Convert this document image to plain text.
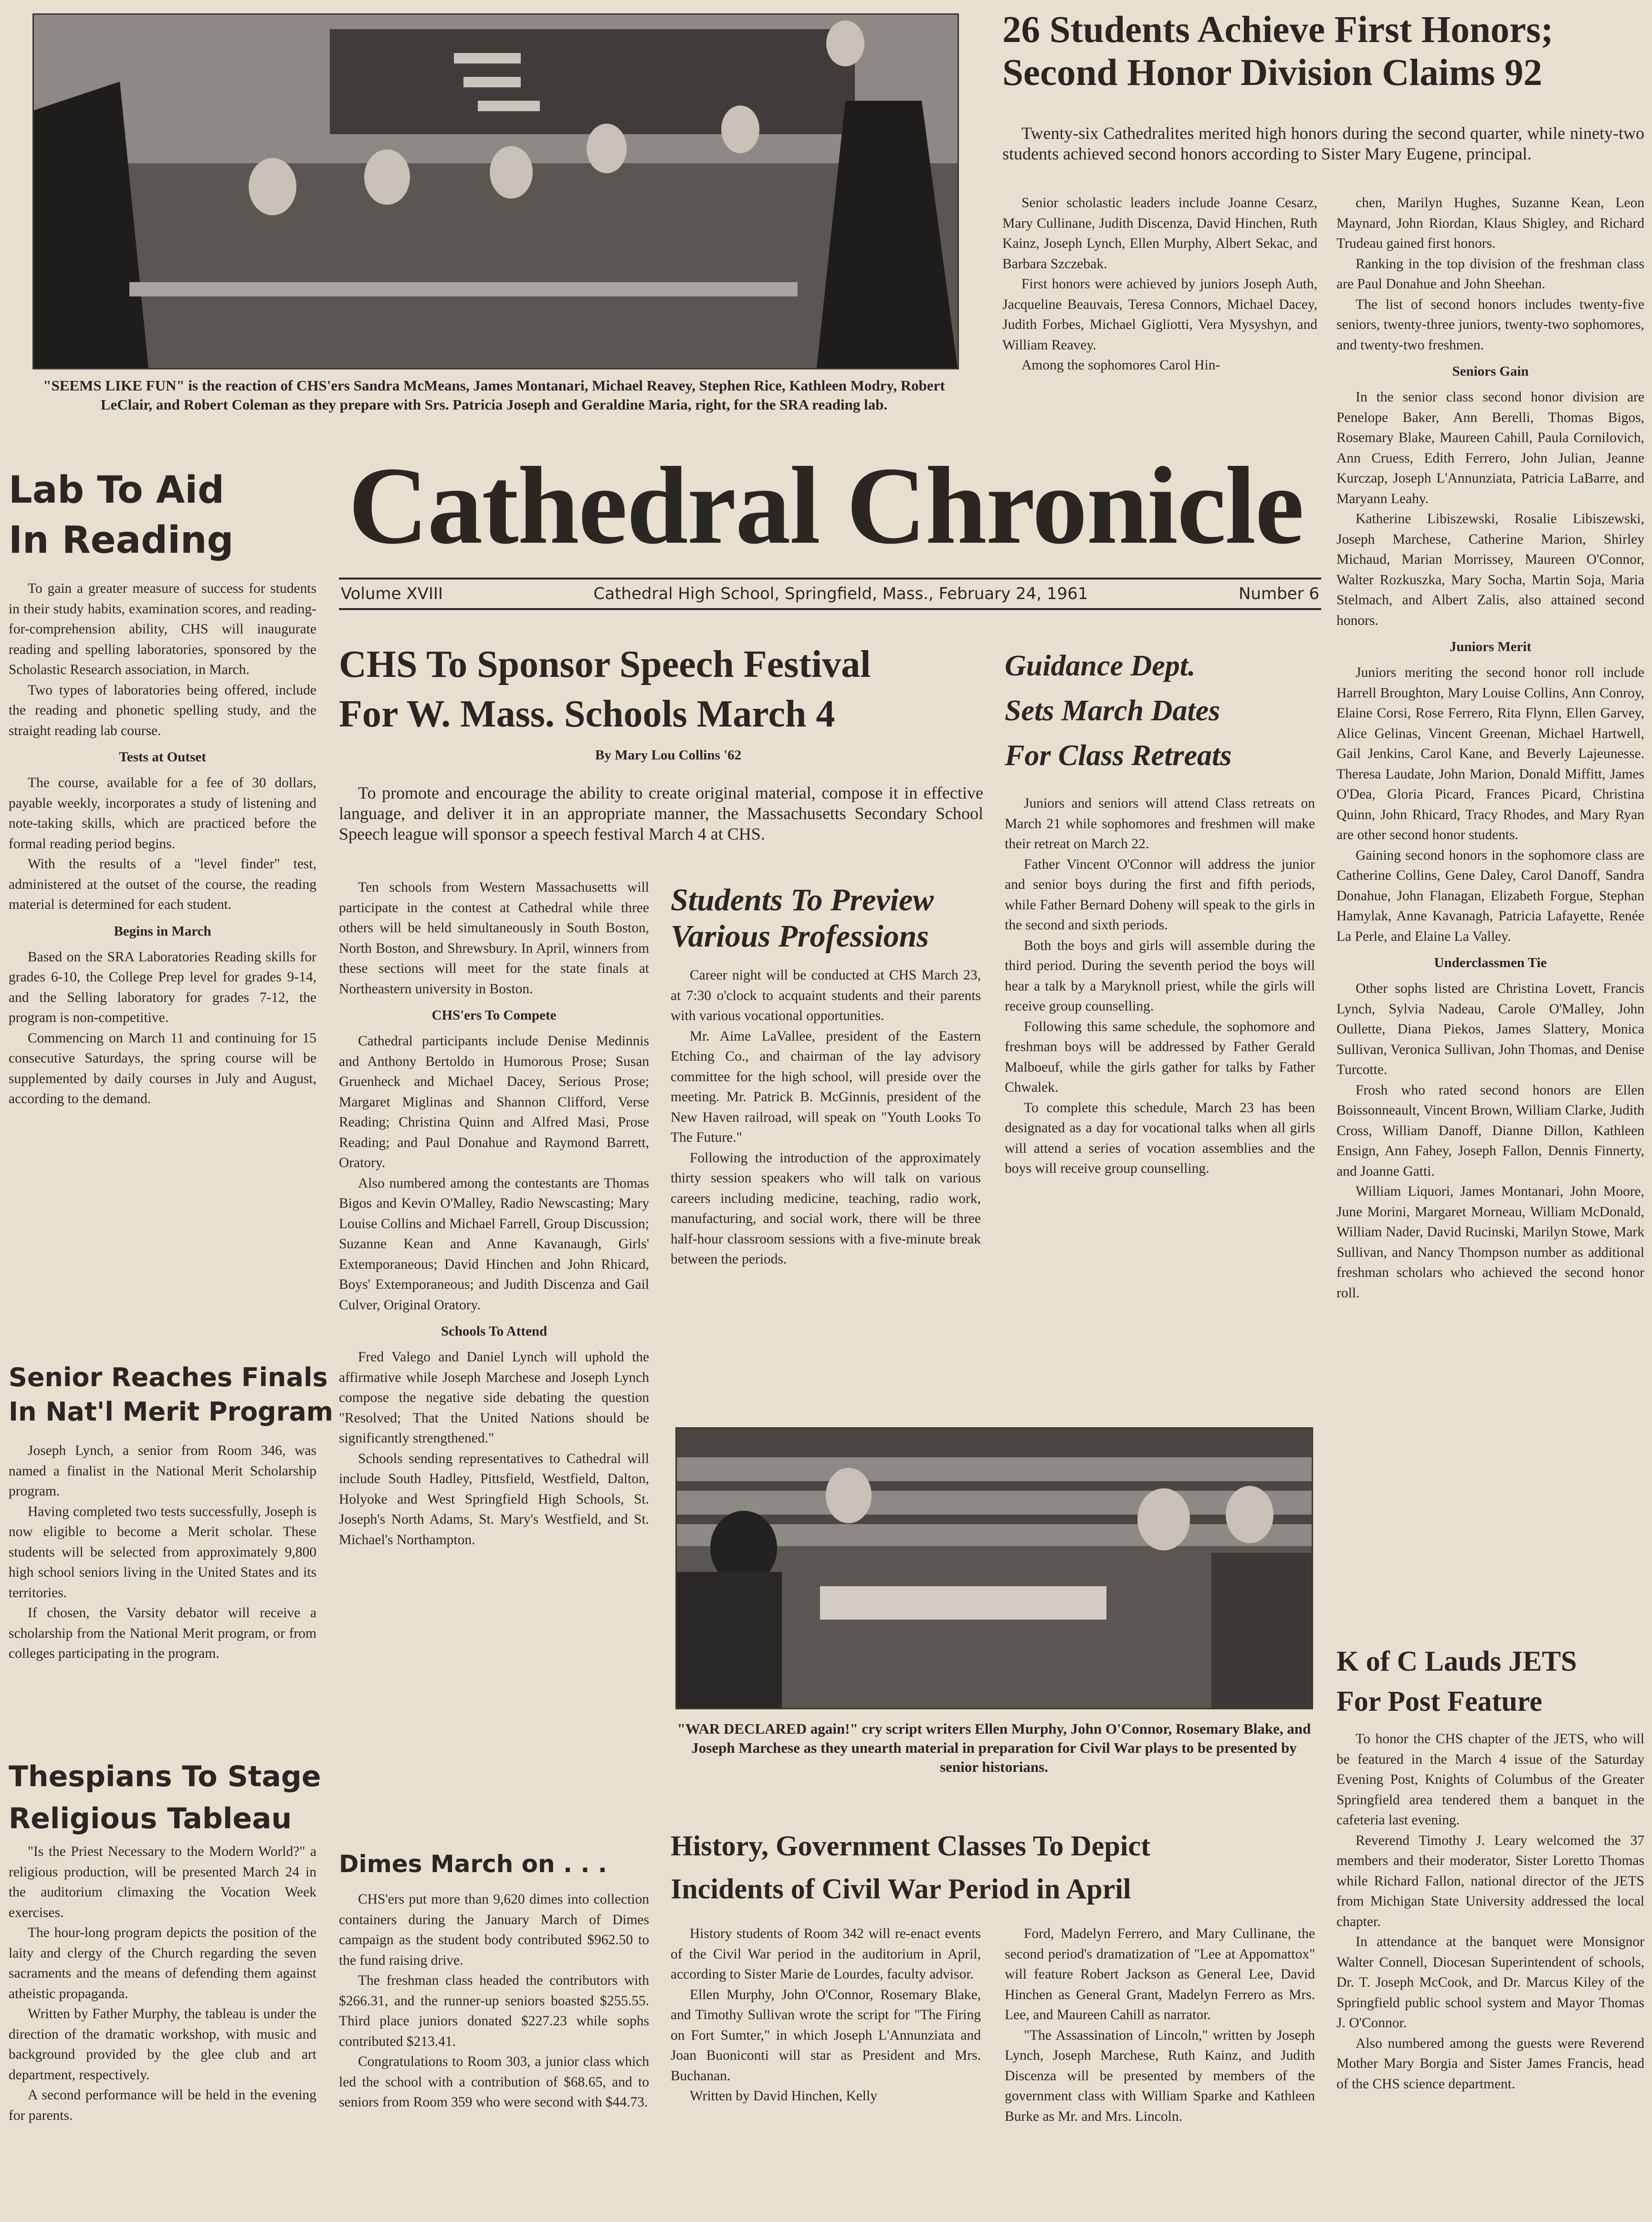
"SEEMS LIKE FUN" is the reaction of CHS'ers Sandra McMeans, James Montanari, Michael Reavey, Stephen Rice, Kathleen Modry, Robert LeClair, and Robert Coleman as they prepare with Srs. Patricia Joseph and Geraldine Maria, right, for the SRA reading lab.

26 Students Achieve First Honors;
Second Honor Division Claims 92

Twenty-six Cathedralites merited high honors during the second quarter, while ninety-two students achieved second honors according to Sister Mary Eugene, principal.

Senior scholastic leaders include Joanne Cesarz, Mary Cullinane, Judith Discenza, David Hinchen, Ruth Kainz, Joseph Lynch, Ellen Murphy, Albert Sekac, and Barbara Szczebak.

First honors were achieved by juniors Joseph Auth, Jacqueline Beauvais, Teresa Connors, Michael Dacey, Judith Forbes, Michael Gigliotti, Vera Mysyshyn, and William Reavey.

Among the sophomores Carol Hin-

chen, Marilyn Hughes, Suzanne Kean, Leon Maynard, John Riordan, Klaus Shigley, and Richard Trudeau gained first honors.

Ranking in the top division of the freshman class are Paul Donahue and John Sheehan.

The list of second honors includes twenty-five seniors, twenty-three juniors, twenty-two sophomores, and twenty-two freshmen.

Seniors Gain

In the senior class second honor division are Penelope Baker, Ann Berelli, Thomas Bigos, Rosemary Blake, Maureen Cahill, Paula Cornilovich, Ann Cruess, Edith Ferrero, John Julian, Jeanne Kurczap, Joseph L'Annunziata, Patricia LaBarre, and Maryann Leahy.

Katherine Libiszewski, Rosalie Libiszewski, Joseph Marchese, Catherine Marion, Shirley Michaud, Marian Morrissey, Maureen O'Connor, Walter Rozkuszka, Mary Socha, Martin Soja, Maria Stelmach, and Albert Zalis, also attained second honors.

Juniors Merit

Juniors meriting the second honor roll include Harrell Broughton, Mary Louise Collins, Ann Conroy, Elaine Corsi, Rose Ferrero, Rita Flynn, Ellen Garvey, Alice Gelinas, Vincent Greenan, Michael Hartwell, Gail Jenkins, Carol Kane, and Beverly Lajeunesse. Theresa Laudate, John Marion, Donald Miffitt, James O'Dea, Gloria Picard, Frances Picard, Christina Quinn, John Rhicard, Tracy Rhodes, and Mary Ryan are other second honor students.

Gaining second honors in the sophomore class are Catherine Collins, Gene Daley, Carol Danoff, Sandra Donahue, John Flanagan, Elizabeth Forgue, Stephan Hamylak, Anne Kavanagh, Patricia Lafayette, Renée La Perle, and Elaine La Valley.

Underclassmen Tie

Other sophs listed are Christina Lovett, Francis Lynch, Sylvia Nadeau, Carole O'Malley, John Oullette, Diana Piekos, James Slattery, Monica Sullivan, Veronica Sullivan, John Thomas, and Denise Turcotte.

Frosh who rated second honors are Ellen Boissonneault, Vincent Brown, William Clarke, Judith Cross, William Danoff, Dianne Dillon, Kathleen Ensign, Ann Fahey, Joseph Fallon, Dennis Finnerty, and Joanne Gatti.

William Liquori, James Montanari, John Moore, June Morini, Margaret Morneau, William McDonald, William Nader, David Rucinski, Marilyn Stowe, Mark Sullivan, and Nancy Thompson number as additional freshman scholars who achieved the second honor roll.

K of C Lauds JETS
For Post Feature

To honor the CHS chapter of the JETS, who will be featured in the March 4 issue of the Saturday Evening Post, Knights of Columbus of the Greater Springfield area tendered them a banquet in the cafeteria last evening.

Reverend Timothy J. Leary welcomed the 37 members and their moderator, Sister Loretto Thomas while Richard Fallon, national director of the JETS from Michigan State University addressed the local chapter.

In attendance at the banquet were Monsignor Walter Connell, Diocesan Superintendent of schools, Dr. T. Joseph McCook, and Dr. Marcus Kiley of the Springfield public school system and Mayor Thomas J. O'Connor.

Also numbered among the guests were Reverend Mother Mary Borgia and Sister James Francis, head of the CHS science department.

Cathedral Chronicle
Volume XVIII	Cathedral High School, Springfield, Mass., February 24, 1961	Number 6
Lab To Aid
In Reading

To gain a greater measure of success for students in their study habits, examination scores, and reading-for-comprehension ability, CHS will inaugurate reading and spelling laboratories, sponsored by the Scholastic Research association, in March.

Two types of laboratories being offered, include the reading and phonetic spelling study, and the straight reading lab course.

Tests at Outset

The course, available for a fee of 30 dollars, payable weekly, incorporates a study of listening and note-taking skills, which are practiced before the formal reading period begins.

With the results of a "level finder" test, administered at the outset of the course, the reading material is determined for each student.

Begins in March

Based on the SRA Laboratories Reading skills for grades 6-10, the College Prep level for grades 9-14, and the Selling laboratory for grades 7-12, the program is non-competitive.

Commencing on March 11 and continuing for 15 consecutive Saturdays, the spring course will be supplemented by daily courses in July and August, according to the demand.

Senior Reaches Finals
In Nat'l Merit Program

Joseph Lynch, a senior from Room 346, was named a finalist in the National Merit Scholarship program.

Having completed two tests successfully, Joseph is now eligible to become a Merit scholar. These students will be selected from approximately 9,800 high school seniors living in the United States and its territories.

If chosen, the Varsity debator will receive a scholarship from the National Merit program, or from colleges participating in the program.

Thespians To Stage
Religious Tableau

"Is the Priest Necessary to the Modern World?" a religious production, will be presented March 24 in the auditorium climaxing the Vocation Week exercises.

The hour-long program depicts the position of the laity and clergy of the Church regarding the seven sacraments and the means of defending them against atheistic propaganda.

Written by Father Murphy, the tableau is under the direction of the dramatic workshop, with music and background provided by the glee club and art department, respectively.

A second performance will be held in the evening for parents.

CHS To Sponsor Speech Festival
For W. Mass. Schools March 4
By Mary Lou Collins '62

To promote and encourage the ability to create original material, compose it in effective language, and deliver it in an appropriate manner, the Massachusetts Secondary School Speech league will sponsor a speech festival March 4 at CHS.

Ten schools from Western Massachusetts will participate in the contest at Cathedral while three others will be held simultaneously in South Boston, North Boston, and Shrewsbury. In April, winners from these sections will meet for the state finals at Northeastern university in Boston.

CHS'ers To Compete

Cathedral participants include Denise Medinnis and Anthony Bertoldo in Humorous Prose; Susan Gruenheck and Michael Dacey, Serious Prose; Margaret Miglinas and Shannon Clifford, Verse Reading; Christina Quinn and Alfred Masi, Prose Reading; and Paul Donahue and Raymond Barrett, Oratory.

Also numbered among the contestants are Thomas Bigos and Kevin O'Malley, Radio Newscasting; Mary Louise Collins and Michael Farrell, Group Discussion; Suzanne Kean and Anne Kavanaugh, Girls' Extemporaneous; David Hinchen and John Rhicard, Boys' Extemporaneous; and Judith Discenza and Gail Culver, Original Oratory.

Schools To Attend

Fred Valego and Daniel Lynch will uphold the affirmative while Joseph Marchese and Joseph Lynch compose the negative side debating the question "Resolved; That the United Nations should be significantly strengthened."

Schools sending representatives to Cathedral will include South Hadley, Pittsfield, Westfield, Dalton, Holyoke and West Springfield High Schools, St. Joseph's North Adams, St. Mary's Westfield, and St. Michael's Northampton.

Dimes March on . . .

CHS'ers put more than 9,620 dimes into collection containers during the January March of Dimes campaign as the student body contributed $962.50 to the fund raising drive.

The freshman class headed the contributors with $266.31, and the runner-up seniors boasted $255.55. Third place juniors donated $227.23 while sophs contributed $213.41.

Congratulations to Room 303, a junior class which led the school with a contribution of $68.65, and to seniors from Room 359 who were second with $44.73.

Students To Preview
Various Professions

Career night will be conducted at CHS March 23, at 7:30 o'clock to acquaint students and their parents with various vocational opportunities.

Mr. Aime LaVallee, president of the Eastern Etching Co., and chairman of the lay advisory committee for the high school, will preside over the meeting. Mr. Patrick B. McGinnis, president of the New Haven railroad, will speak on "Youth Looks To The Future."

Following the introduction of the approximately thirty session speakers who will talk on various careers including medicine, teaching, radio work, manufacturing, and social work, there will be three half-hour classroom sessions with a five-minute break between the periods.

Guidance Dept.
Sets March Dates
For Class Retreats

Juniors and seniors will attend Class retreats on March 21 while sophomores and freshmen will make their retreat on March 22.

Father Vincent O'Connor will address the junior and senior boys during the first and fifth periods, while Father Bernard Doheny will speak to the girls in the second and sixth periods.

Both the boys and girls will assemble during the third period. During the seventh period the boys will hear a talk by a Maryknoll priest, while the girls will receive group counselling.

Following this same schedule, the sophomore and freshman boys will be addressed by Father Gerald Malboeuf, while the girls gather for talks by Father Chwalek.

To complete this schedule, March 23 has been designated as a day for vocational talks when all girls will attend a series of vocation assemblies and the boys will receive group counselling.

"WAR DECLARED again!" cry script writers Ellen Murphy, John O'Connor, Rosemary Blake, and Joseph Marchese as they unearth material in preparation for Civil War plays to be presented by senior historians.

History, Government Classes To Depict
Incidents of Civil War Period in April

History students of Room 342 will re-enact events of the Civil War period in the auditorium in April, according to Sister Marie de Lourdes, faculty advisor.

Ellen Murphy, John O'Connor, Rosemary Blake, and Timothy Sullivan wrote the script for "The Firing on Fort Sumter," in which Joseph L'Annunziata and Joan Buoniconti will star as President and Mrs. Buchanan.

Written by David Hinchen, Kelly

Ford, Madelyn Ferrero, and Mary Cullinane, the second period's dramatization of "Lee at Appomattox" will feature Robert Jackson as General Lee, David Hinchen as General Grant, Madelyn Ferrero as Mrs. Lee, and Maureen Cahill as narrator.

"The Assassination of Lincoln," written by Joseph Lynch, Joseph Marchese, Ruth Kainz, and Judith Discenza will be presented by members of the government class with William Sparke and Kathleen Burke as Mr. and Mrs. Lincoln.
